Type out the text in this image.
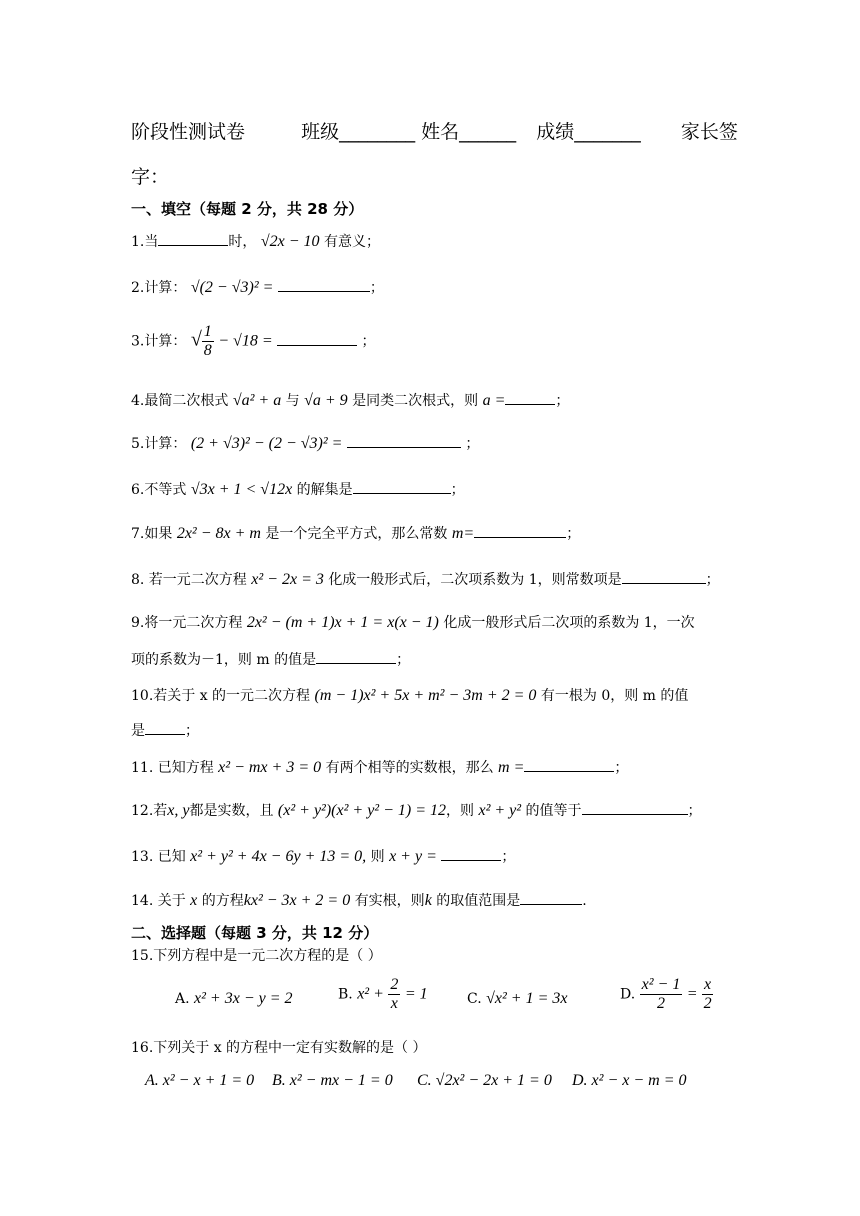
阶段性测试卷	班级________ 姓名______ 成绩_______ 家长签
字：
一、填空（每题 2 分，共 28 分）
1.当	时， √2x − 10 有意义；
2.计算： √(2 − √3)² =	；
3.计算： √ $\frac{1}{8} - √18$ =	；
4.最简二次根式 √a² + a 与 √a + 9 是同类二次根式，则 a =	；
5.计算： (2 + √3)² − (2 − √3)² =	；
6.不等式 √3x + 1 < √12x 的解集是	；
7.如果 2x² − 8x + m 是一个完全平方式，那么常数 m=	；
8. 若一元二次方程 x² − 2x = 3 化成一般形式后，二次项系数为 1，则常数项是	；
9.将一元二次方程 2x² − (m + 1)x + 1 = x(x − 1) 化成一般形式后二次项的系数为 1，一次
项的系数为－1，则 m 的值是	；
10.若关于 x 的一元二次方程 (m − 1)x² + 5x + m² − 3m + 2 = 0 有一根为 0，则 m 的值
是	；
11. 已知方程 x² − mx + 3 = 0 有两个相等的实数根，那么 m =	；
12.若x, y都是实数，且 (x² + y²)(x² + y² − 1) = 12，则 x² + y² 的值等于	；
13. 已知 x² + y² + 4x − 6y + 13 = 0, 则 x + y =	；
14. 关于 x 的方程kx² − 3x + 2 = 0 有实根，则k 的取值范围是	.
二、选择题（每题 3 分，共 12 分）
15.下列方程中是一元二次方程的是（ ）
A. x² + 3x − y = 2	B. $x^2 + \frac{2}{x} = 1$	C. √x² + 1 = 3x	D. $\frac{\text{x² − 1}}{2} = \frac{x}{2}$
16.下列关于 x 的方程中一定有实数解的是（ ）
A. x² − x + 1 = 0 B. x² − mx − 1 = 0 C. √2x² − 2x + 1 = 0 D. x² − x − m = 0
